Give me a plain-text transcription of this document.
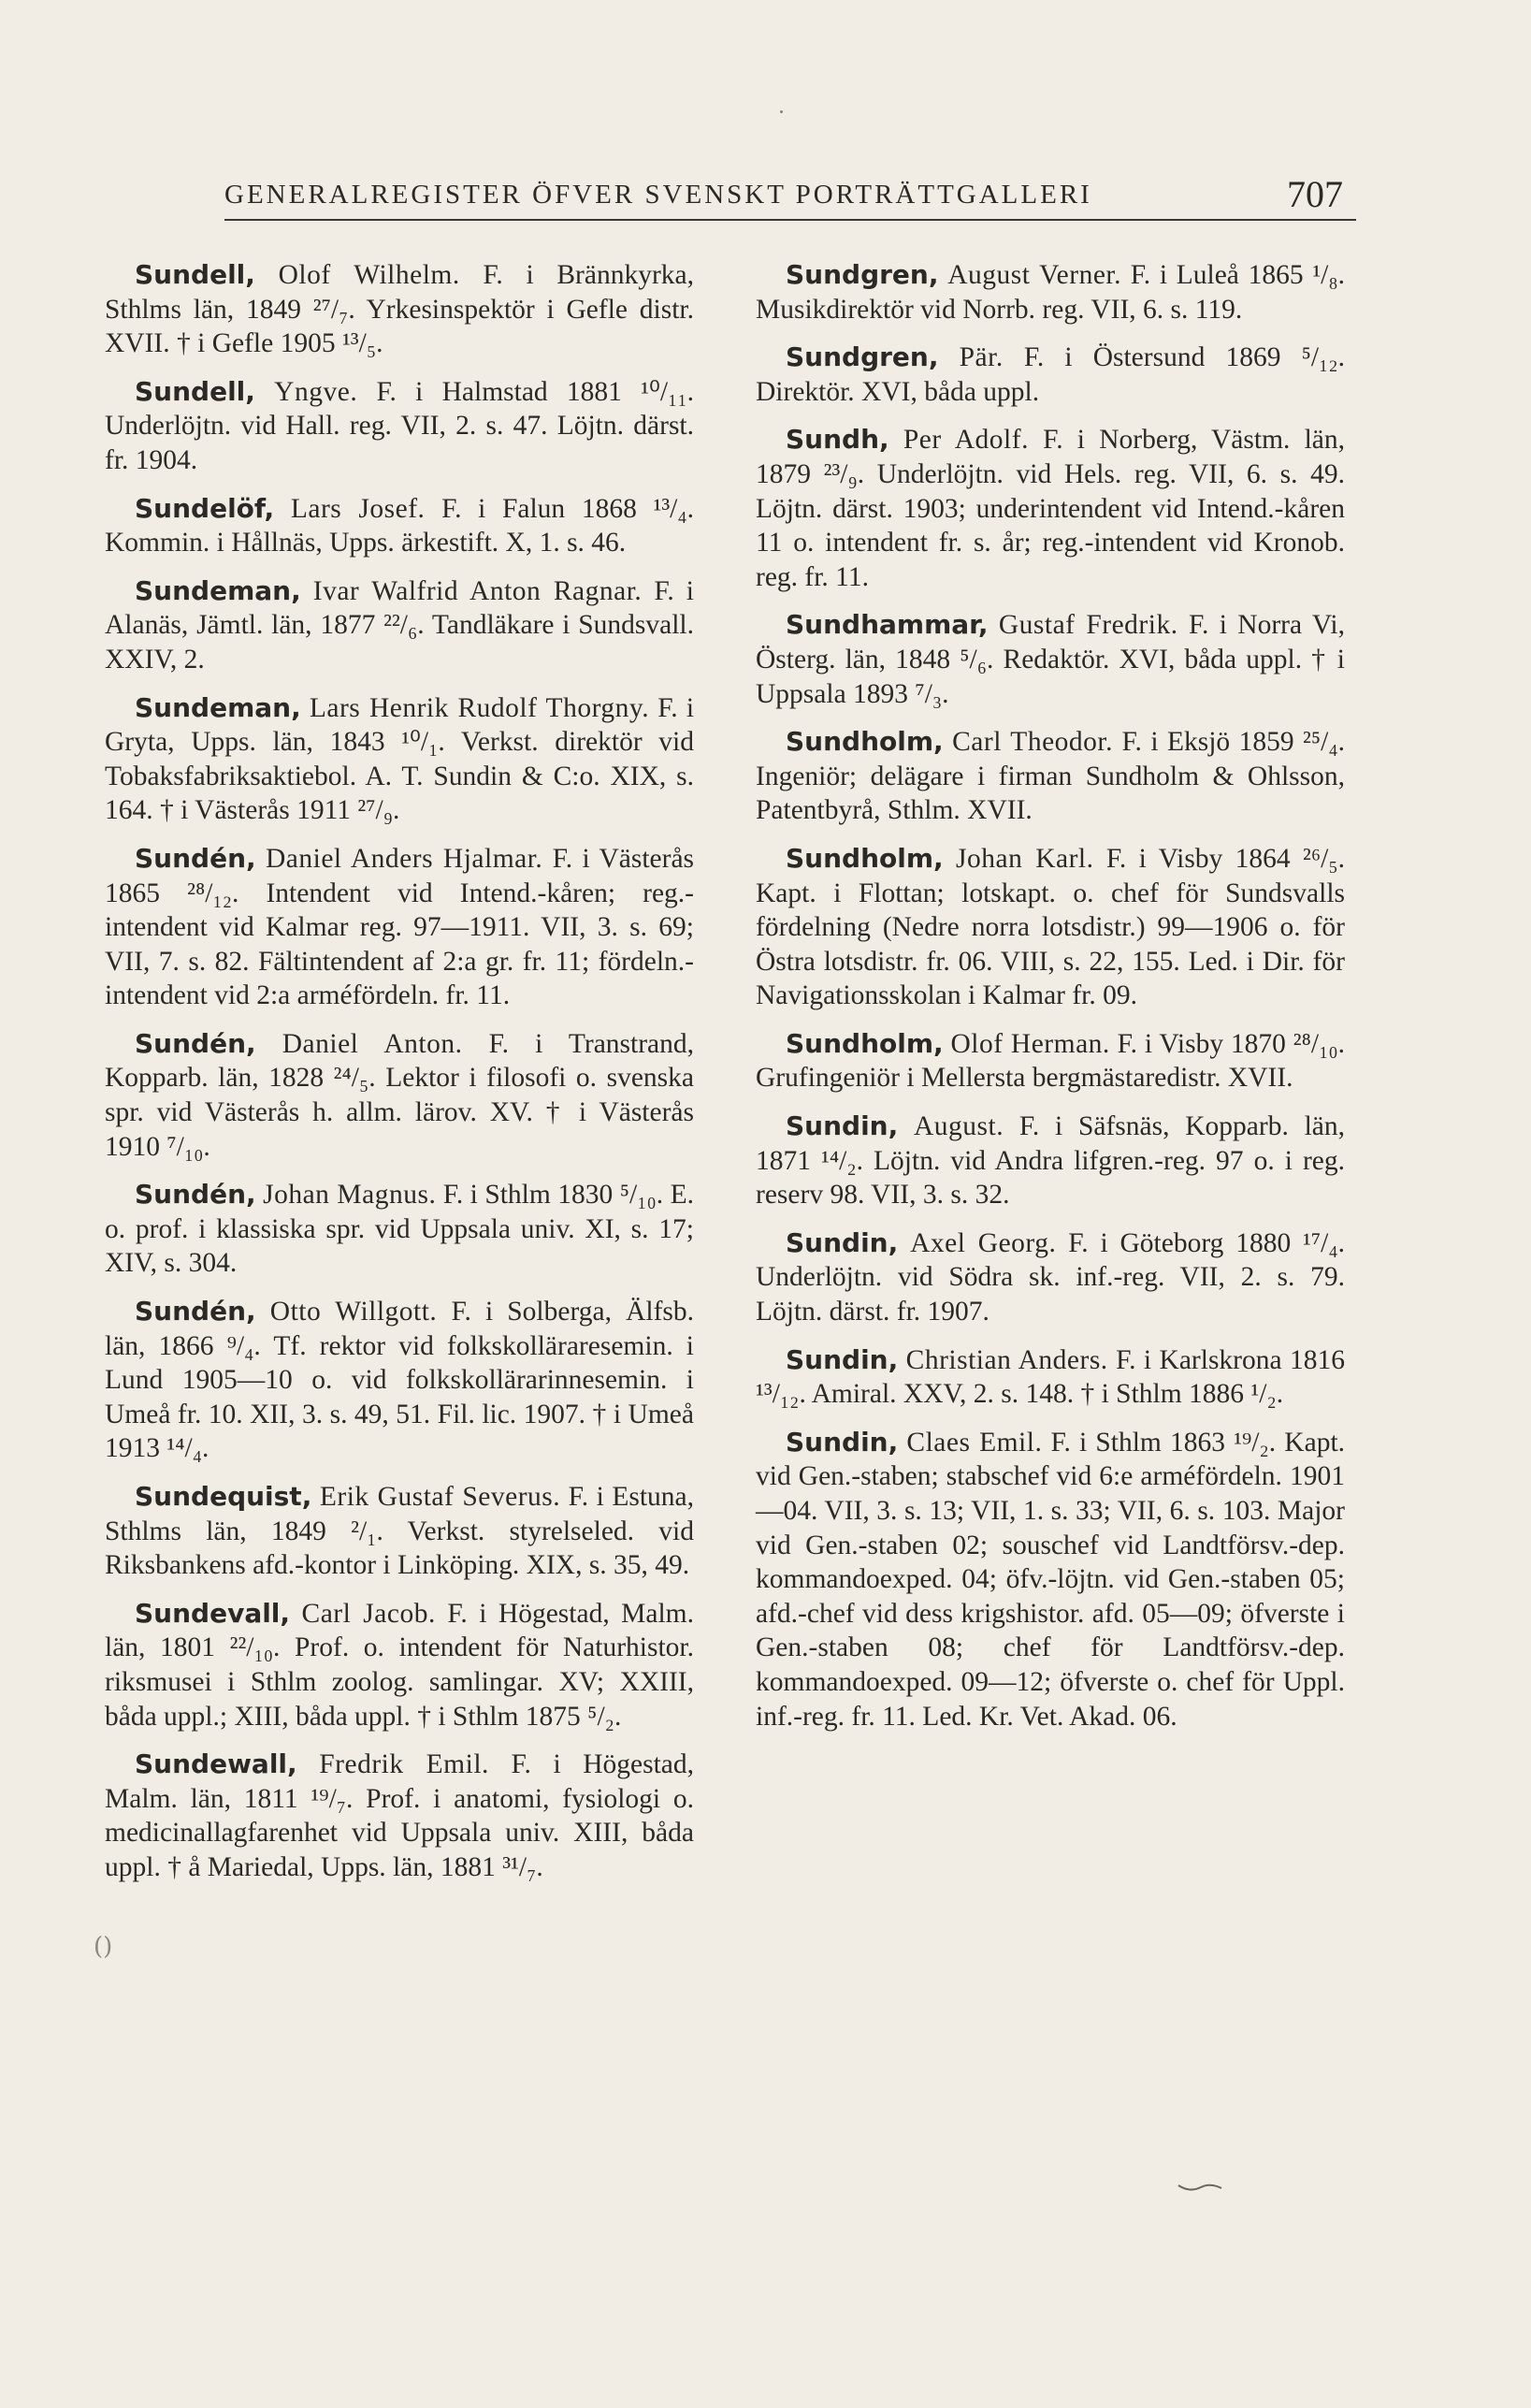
GENERALREGISTER ÖFVER SVENSKT PORTRÄTTGALLERI	707

Sundell, Olof Wilhelm. F. i Brännkyrka, Sthlms län, 1849 ²⁷/₇. Yrkesinspektör i Gefle distr. XVII. † i Gefle 1905 ¹³/₅.

Sundell, Yngve. F. i Halmstad 1881 ¹⁰/₁₁. Underlöjtn. vid Hall. reg. VII, 2. s. 47. Löjtn. därst. fr. 1904.

Sundelöf, Lars Josef. F. i Falun 1868 ¹³/₄. Kommin. i Hållnäs, Upps. ärkestift. X, 1. s. 46.

Sundeman, Ivar Walfrid Anton Ragnar. F. i Alanäs, Jämtl. län, 1877 ²²/₆. Tandläkare i Sundsvall. XXIV, 2.

Sundeman, Lars Henrik Rudolf Thorgny. F. i Gryta, Upps. län, 1843 ¹⁰/₁. Verkst. direktör vid Tobaksfabriksaktiebol. A. T. Sundin & C:o. XIX, s. 164. † i Västerås 1911 ²⁷/₉.

Sundén, Daniel Anders Hjalmar. F. i Västerås 1865 ²⁸/₁₂. Intendent vid Intend.-kåren; reg.-intendent vid Kalmar reg. 97—1911. VII, 3. s. 69; VII, 7. s. 82. Fältintendent af 2:a gr. fr. 11; fördeln.-intendent vid 2:a arméfördeln. fr. 11.

Sundén, Daniel Anton. F. i Transtrand, Kopparb. län, 1828 ²⁴/₅. Lektor i filosofi o. svenska spr. vid Västerås h. allm. lärov. XV. † i Västerås 1910 ⁷/₁₀.

Sundén, Johan Magnus. F. i Sthlm 1830 ⁵/₁₀. E. o. prof. i klassiska spr. vid Uppsala univ. XI, s. 17; XIV, s. 304.

Sundén, Otto Willgott. F. i Solberga, Älfsb. län, 1866 ⁹/₄. Tf. rektor vid folkskolläraresemin. i Lund 1905—10 o. vid folkskollärarinnesemin. i Umeå fr. 10. XII, 3. s. 49, 51. Fil. lic. 1907. † i Umeå 1913 ¹⁴/₄.

Sundequist, Erik Gustaf Severus. F. i Estuna, Sthlms län, 1849 ²/₁. Verkst. styrelseled. vid Riksbankens afd.-kontor i Linköping. XIX, s. 35, 49.

Sundevall, Carl Jacob. F. i Högestad, Malm. län, 1801 ²²/₁₀. Prof. o. intendent för Naturhistor. riksmusei i Sthlm zoolog. samlingar. XV; XXIII, båda uppl.; XIII, båda uppl. † i Sthlm 1875 ⁵/₂.

Sundewall, Fredrik Emil. F. i Högestad, Malm. län, 1811 ¹⁹/₇. Prof. i anatomi, fysiologi o. medicinallagfarenhet vid Uppsala univ. XIII, båda uppl. † å Mariedal, Upps. län, 1881 ³¹/₇.

Sundgren, August Verner. F. i Luleå 1865 ¹/₈. Musikdirektör vid Norrb. reg. VII, 6. s. 119.

Sundgren, Pär. F. i Östersund 1869 ⁵/₁₂. Direktör. XVI, båda uppl.

Sundh, Per Adolf. F. i Norberg, Västm. län, 1879 ²³/₉. Underlöjtn. vid Hels. reg. VII, 6. s. 49. Löjtn. därst. 1903; underintendent vid Intend.-kåren 11 o. intendent fr. s. år; reg.-intendent vid Kronob. reg. fr. 11.

Sundhammar, Gustaf Fredrik. F. i Norra Vi, Österg. län, 1848 ⁵/₆. Redaktör. XVI, båda uppl. † i Uppsala 1893 ⁷/₃.

Sundholm, Carl Theodor. F. i Eksjö 1859 ²⁵/₄. Ingeniör; delägare i firman Sundholm & Ohlsson, Patentbyrå, Sthlm. XVII.

Sundholm, Johan Karl. F. i Visby 1864 ²⁶/₅. Kapt. i Flottan; lotskapt. o. chef för Sundsvalls fördelning (Nedre norra lotsdistr.) 99—1906 o. för Östra lotsdistr. fr. 06. VIII, s. 22, 155. Led. i Dir. för Navigationsskolan i Kalmar fr. 09.

Sundholm, Olof Herman. F. i Visby 1870 ²⁸/₁₀. Grufingeniör i Mellersta bergmästaredistr. XVII.

Sundin, August. F. i Säfsnäs, Kopparb. län, 1871 ¹⁴/₂. Löjtn. vid Andra lifgren.-reg. 97 o. i reg. reserv 98. VII, 3. s. 32.

Sundin, Axel Georg. F. i Göteborg 1880 ¹⁷/₄. Underlöjtn. vid Södra sk. inf.-reg. VII, 2. s. 79. Löjtn. därst. fr. 1907.

Sundin, Christian Anders. F. i Karlskrona 1816 ¹³/₁₂. Amiral. XXV, 2. s. 148. † i Sthlm 1886 ¹/₂.

Sundin, Claes Emil. F. i Sthlm 1863 ¹⁹/₂. Kapt. vid Gen.-staben; stabschef vid 6:e arméfördeln. 1901—04. VII, 3. s. 13; VII, 1. s. 33; VII, 6. s. 103. Major vid Gen.-staben 02; souschef vid Landtförsv.-dep. kommandoexped. 04; öfv.-löjtn. vid Gen.-staben 05; afd.-chef vid dess krigshistor. afd. 05—09; öfverste i Gen.-staben 08; chef för Landtförsv.-dep. kommandoexped. 09—12; öfverste o. chef för Uppl. inf.-reg. fr. 11. Led. Kr. Vet. Akad. 06.

()
